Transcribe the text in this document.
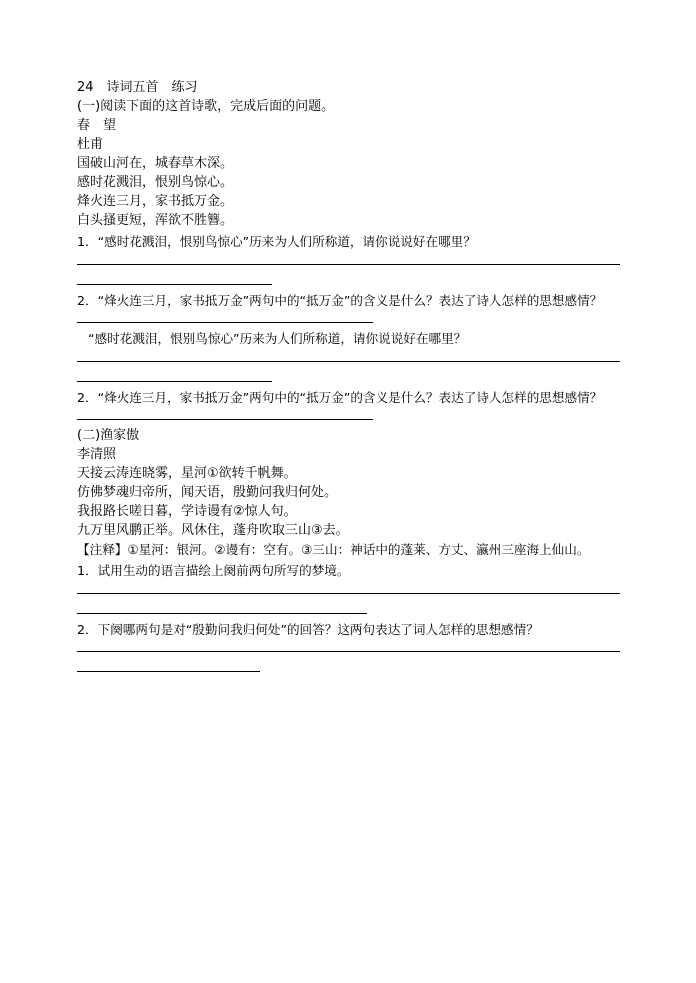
24　诗词五首　练习
(一)阅读下面的这首诗歌，完成后面的问题。
春　望
杜甫
国破山河在，城春草木深。
感时花溅泪，恨别鸟惊心。
烽火连三月，家书抵万金。
白头搔更短，浑欲不胜簪。
1．“感时花溅泪，恨别鸟惊心”历来为人们所称道，请你说说好在哪里？
2．“烽火连三月，家书抵万金”两句中的“抵万金”的含义是什么？表达了诗人怎样的思想感情？
“感时花溅泪，恨别鸟惊心”历来为人们所称道，请你说说好在哪里？
2．“烽火连三月，家书抵万金”两句中的“抵万金”的含义是什么？表达了诗人怎样的思想感情？
(二)渔家傲
李清照
天接云涛连晓雾，星河①欲转千帆舞。
仿佛梦魂归帝所，闻天语，殷勤问我归何处。
我报路长嗟日暮，学诗谩有②惊人句。
九万里风鹏正举。风休住，蓬舟吹取三山③去。
【注释】①星河：银河。②谩有：空有。③三山：神话中的蓬莱、方丈、瀛州三座海上仙山。
1．试用生动的语言描绘上阕前两句所写的梦境。
2．下阕哪两句是对“殷勤问我归何处”的回答？这两句表达了词人怎样的思想感情？
